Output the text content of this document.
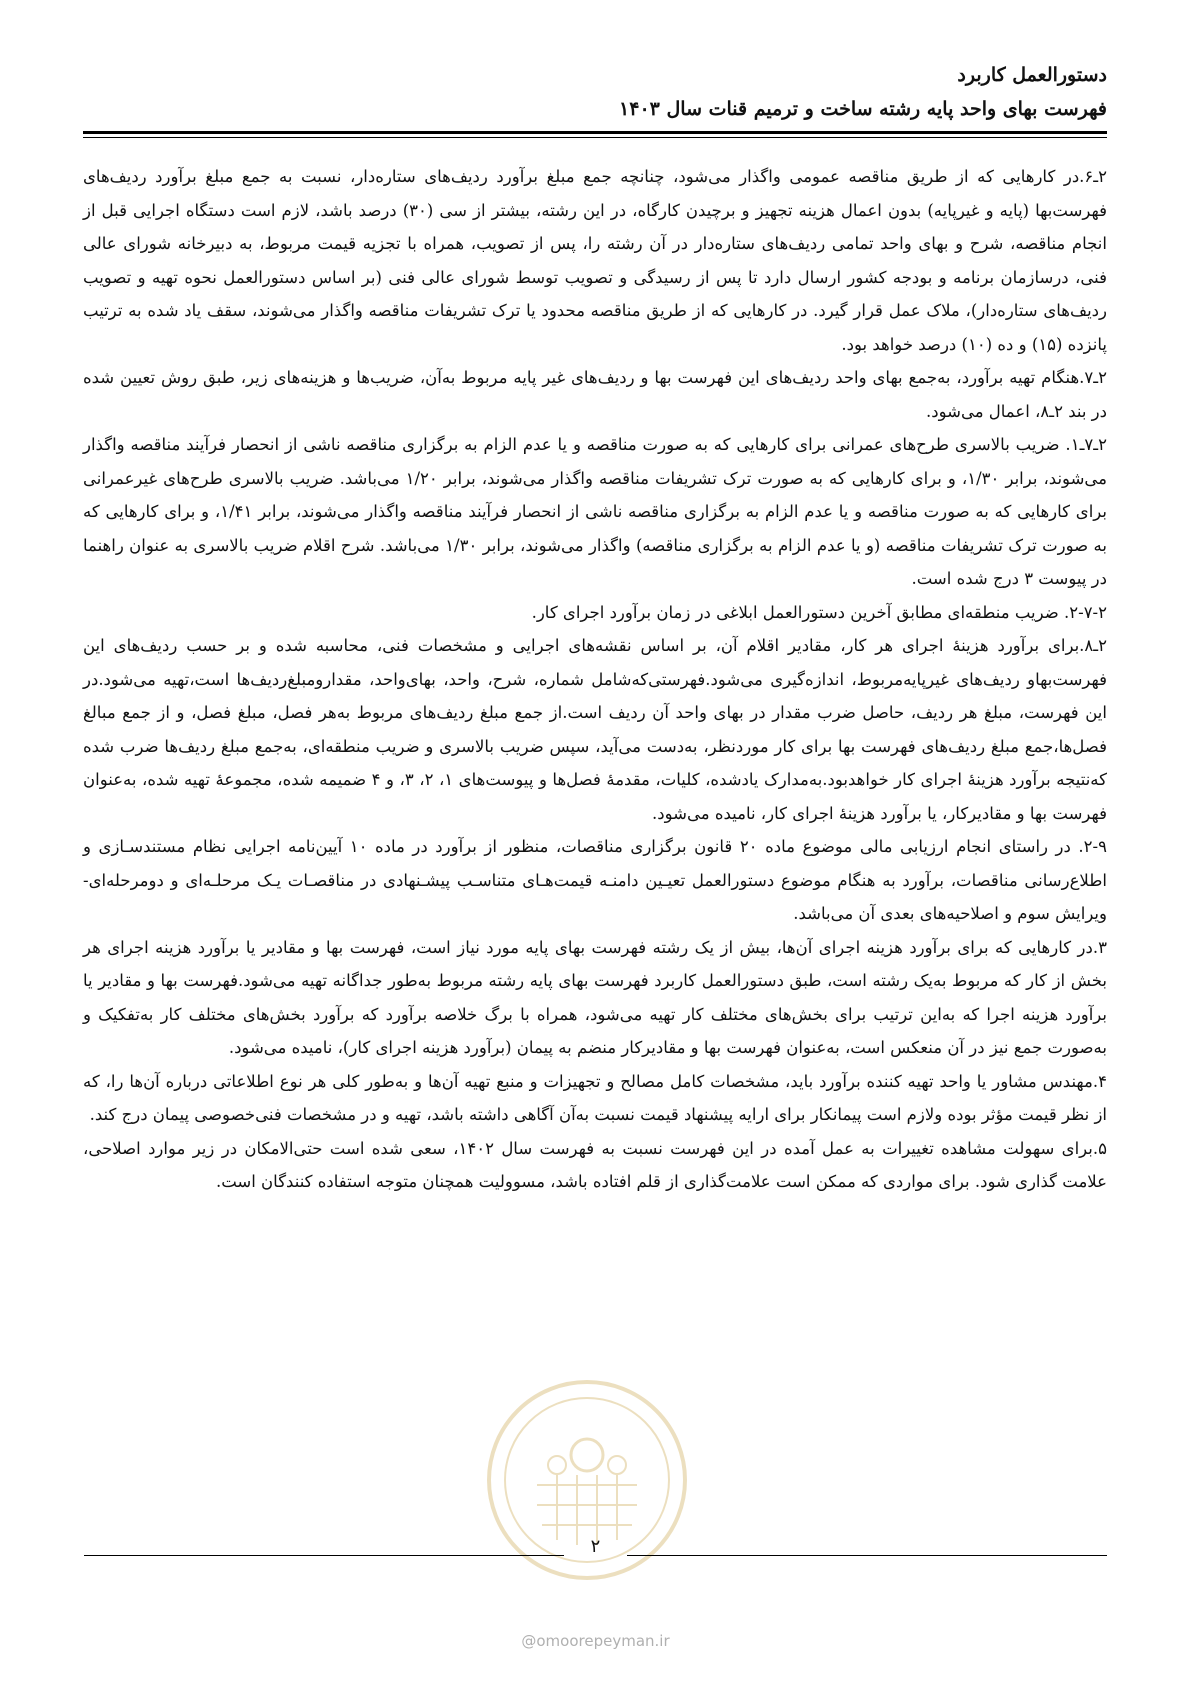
دستورالعمل کاربرد
فهرست بهای واحد پایه رشته ساخت و ترمیم قنات سال ۱۴۰۳

۲ـ۶.در کارهایی که از طریق مناقصه عمومی واگذار می‌شود، چنانچه جمع مبلغ برآورد ردیف‌های ستاره‌دار، نسبت به جمع مبلغ برآورد ردیف‌های فهرست‌بها (پایه و غیرپایه) بدون اعمال هزینه تجهیز و برچیدن کارگاه، در این رشته، بیشتر از سی (۳۰) درصد باشد، لازم است دستگاه اجرایی قبل از انجام مناقصه، شرح و بهای واحد تمامی ردیف‌های ستاره‌دار در آن رشته را، پس از تصویب، همراه با تجزیه قیمت مربوط، به دبیرخانه شورای عالی فنی، درسازمان برنامه و بودجه کشور ارسال دارد تا پس از رسیدگی و تصویب توسط شورای عالی فنی (بر اساس دستورالعمل نحوه تهیه و تصویب ردیف‌های ستاره‌دار)، ملاک عمل قرار گیرد. در کارهایی که از طریق مناقصه محدود یا ترک تشریفات مناقصه واگذار می‌شوند، سقف یاد شده به ترتیب پانزده (۱۵) و ده (۱۰) درصد خواهد بود.

۲ـ۷.هنگام تهیه برآورد، به‌جمع بهای واحد ردیف‌های این فهرست بها و ردیف‌های غیر پایه مربوط به‌آن، ضریب‌ها و هزینه‌های زیر، طبق روش تعیین شده در بند ۲ـ۸، اعمال می‌شود.

۲ـ۷ـ۱. ضریب بالاسری طرح‌های عمرانی برای کارهایی که به صورت مناقصه و یا عدم الزام به برگزاری مناقصه ناشی از انحصار فرآیند مناقصه واگذار می‌شوند، برابر ۱/۳۰، و برای کارهایی که به صورت ترک تشریفات مناقصه واگذار می‌شوند، برابر ۱/۲۰ می‌باشد. ضریب بالاسری طرح‌های غیرعمرانی برای کارهایی که به صورت مناقصه و یا عدم الزام به برگزاری مناقصه ناشی از انحصار فرآیند مناقصه واگذار می‌شوند، برابر ۱/۴۱، و برای کارهایی که به صورت ترک تشریفات مناقصه (و یا عدم الزام به برگزاری مناقصه) واگذار می‌شوند، برابر ۱/۳۰ می‌باشد. شرح اقلام ضریب بالاسری به عنوان راهنما در پیوست ۳ درج شده است.

۲-۷-۲. ضریب منطقه‌ای مطابق آخرین دستورالعمل ابلاغی در زمان برآورد اجرای کار.

۲ـ۸.برای برآورد هزینهٔ اجرای هر کار، مقادیر اقلام آن، بر اساس نقشه‌های اجرایی و مشخصات فنی، محاسبه شده و بر حسب ردیف‌های این فهرست‌بهاو ردیف‌های غیرپایه‌مربوط، اندازه‌گیری می‌شود.فهرستی‌که‌شامل شماره، شرح، واحد، بهای‌واحد، مقدارومبلغ‌ردیف‌ها است،تهیه می‌شود.در این فهرست، مبلغ هر ردیف، حاصل ضرب مقدار در بهای واحد آن ردیف است.از جمع مبلغ ردیف‌های مربوط به‌هر فصل، مبلغ فصل، و از جمع مبالغ فصل‌ها،جمع مبلغ ردیف‌های فهرست بها برای کار موردنظر، به‌دست می‌آید، سپس ضریب بالاسری و ضریب منطقه‌ای، به‌جمع مبلغ ردیف‌ها ضرب شده که‌نتیجه برآورد هزینهٔ اجرای کار خواهدبود.به‌مدارک یادشده، کلیات، مقدمهٔ فصل‌ها و پیوست‌های ۱، ۲، ۳، و ۴ ضمیمه شده، مجموعهٔ تهیه شده، به‌عنوان فهرست بها و مقادیرکار، یا برآورد هزینهٔ اجرای کار، نامیده می‌شود.

۲-۹. در راستای انجام ارزیابی مالی موضوع ماده ۲۰ قانون برگزاری مناقصات، منظور از برآورد در ماده ۱۰ آیین‌نامه اجرایی نظام مستندسـازی و اطلاع‌رسانی مناقصات، برآورد به هنگام موضوع دستورالعمل تعیـین دامنـه قیمت‌هـای متناسـب پیشـنهادی در مناقصـات یـک مرحلـه‌ای و دومرحله‌ای- ویرایش سوم و اصلاحیه‌های بعدی آن می‌باشد.

۳.در کارهایی که برای برآورد هزینه اجرای آن‌ها، بیش از یک رشته فهرست بهای پایه مورد نیاز است، فهرست بها و مقادیر یا برآورد هزینه اجرای هر بخش از کار که مربوط به‌یک رشته است، طبق دستورالعمل کاربرد فهرست بهای پایه رشته مربوط به‌طور جداگانه تهیه می‌شود.فهرست بها و مقادیر یا برآورد هزینه اجرا که به‌این ترتیب برای بخش‌های مختلف کار تهیه می‌شود، همراه با برگ خلاصه برآورد که برآورد بخش‌های مختلف کار به‌تفکیک و به‌صورت جمع نیز در آن منعکس است، به‌عنوان فهرست بها و مقادیرکار منضم به پیمان (برآورد هزینه اجرای کار)، نامیده می‌شود.

۴.مهندس مشاور یا واحد تهیه کننده برآورد باید، مشخصات کامل مصالح و تجهیزات و منبع تهیه آن‌ها و به‌طور کلی هر نوع اطلاعاتی درباره آن‌ها را، که از نظر قیمت مؤثر بوده ولازم است پیمانکار برای ارایه پیشنهاد قیمت نسبت به‌آن آگاهی داشته باشد، تهیه و در مشخصات فنی‌خصوصی پیمان درج کند.

۵.برای سهولت مشاهده تغییرات به عمل آمده در این فهرست نسبت به فهرست سال ۱۴۰۲، سعی شده است حتی‌الامکان در زیر موارد اصلاحی، علامت گذاری شود. برای مواردی که ممکن است علامت‌گذاری از قلم افتاده باشد، مسوولیت همچنان متوجه استفاده کنندگان است.

۲
@omoorepeyman.ir
